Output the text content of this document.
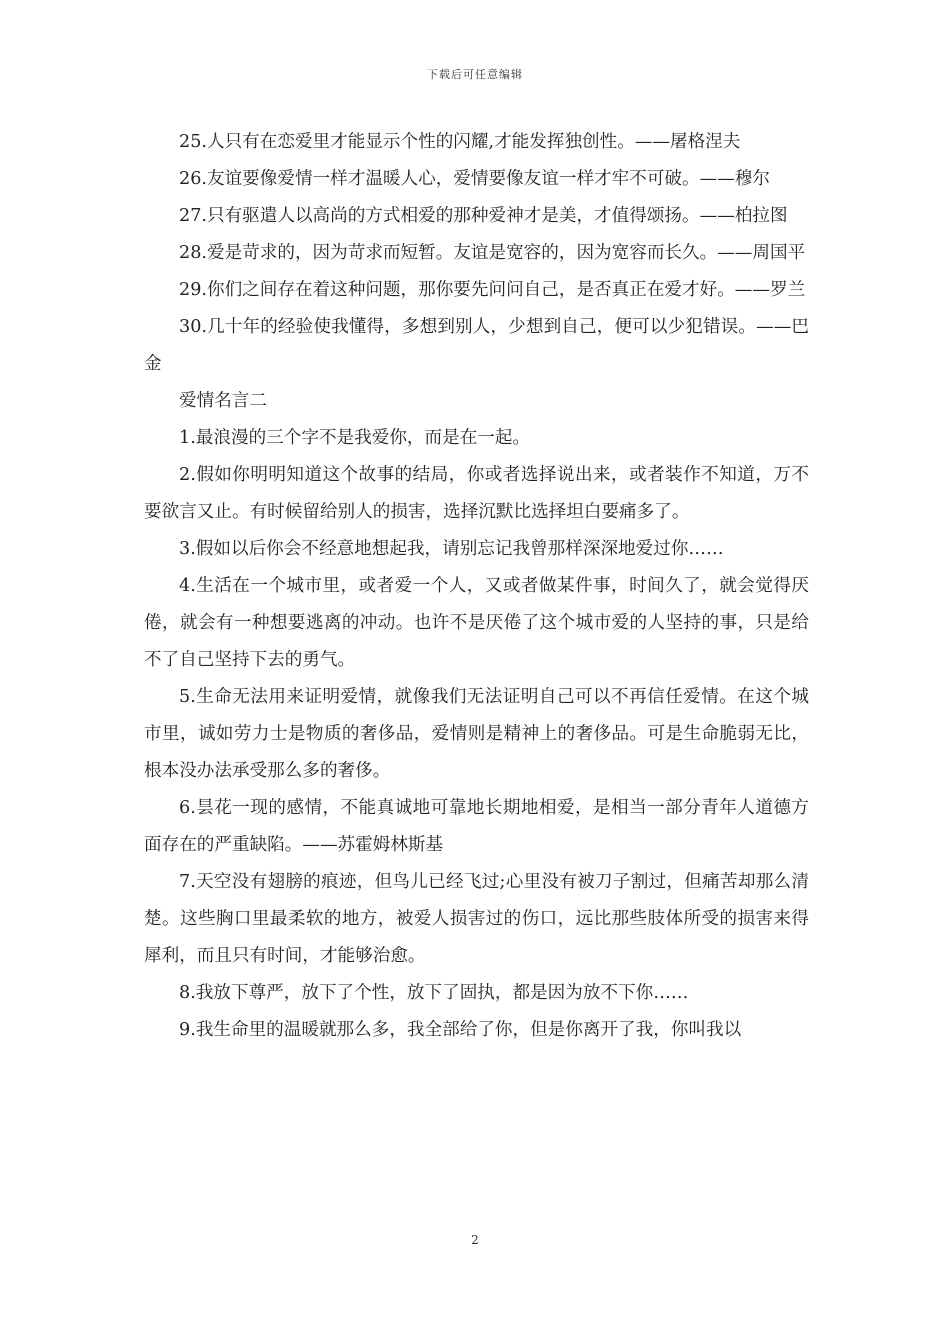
下载后可任意编辑

25.人只有在恋爱里才能显示个性的闪耀,才能发挥独创性。——屠格涅夫

26.友谊要像爱情一样才温暖人心，爱情要像友谊一样才牢不可破。——穆尔

27.只有驱遣人以高尚的方式相爱的那种爱神才是美，才值得颂扬。——柏拉图

28.爱是苛求的，因为苛求而短暂。友谊是宽容的，因为宽容而长久。——周国平

29.你们之间存在着这种问题，那你要先问问自己，是否真正在爱才好。——罗兰

30.几十年的经验使我懂得，多想到别人，少想到自己，便可以少犯错误。——巴金

爱情名言二

1.最浪漫的三个字不是我爱你，而是在一起。

2.假如你明明知道这个故事的结局，你或者选择说出来，或者装作不知道，万不要欲言又止。有时候留给别人的损害，选择沉默比选择坦白要痛多了。

3.假如以后你会不经意地想起我，请别忘记我曾那样深深地爱过你……

4.生活在一个城市里，或者爱一个人，又或者做某件事，时间久了，就会觉得厌倦，就会有一种想要逃离的冲动。也许不是厌倦了这个城市爱的人坚持的事，只是给不了自己坚持下去的勇气。

5.生命无法用来证明爱情，就像我们无法证明自己可以不再信任爱情。在这个城市里，诚如劳力士是物质的奢侈品，爱情则是精神上的奢侈品。可是生命脆弱无比，根本没办法承受那么多的奢侈。

6.昙花一现的感情，不能真诚地可靠地长期地相爱，是相当一部分青年人道德方面存在的严重缺陷。——苏霍姆林斯基

7.天空没有翅膀的痕迹，但鸟儿已经飞过;心里没有被刀子割过，但痛苦却那么清楚。这些胸口里最柔软的地方，被爱人损害过的伤口，远比那些肢体所受的损害来得犀利，而且只有时间，才能够治愈。

8.我放下尊严，放下了个性，放下了固执，都是因为放不下你……

9.我生命里的温暖就那么多，我全部给了你，但是你离开了我，你叫我以

2
